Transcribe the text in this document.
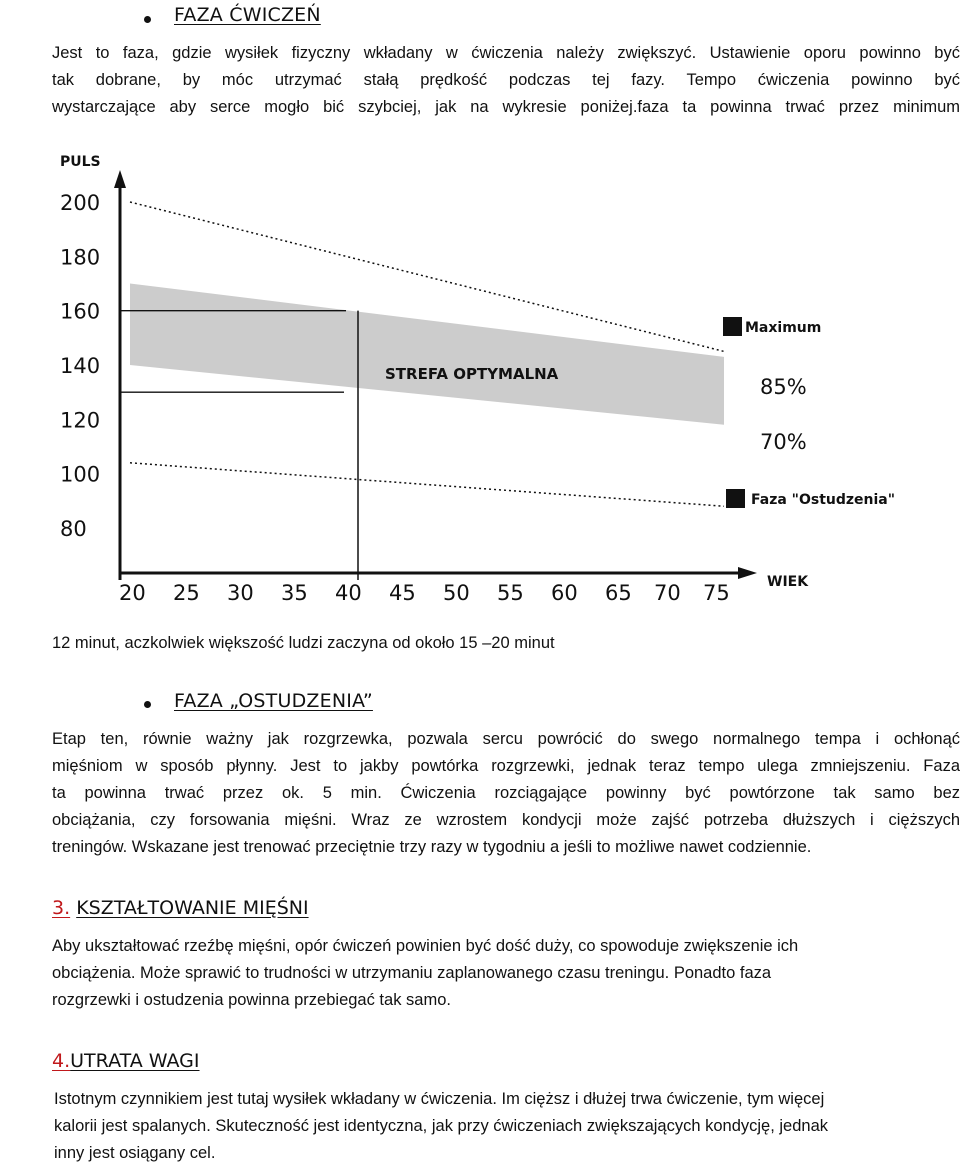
FAZA ĆWICZEŃ
Jest to faza, gdzie wysiłek fizyczny wkładany w ćwiczenia należy zwiększyć. Ustawienie oporu powinno być
tak dobrane, by móc utrzymać stałą prędkość podczas tej fazy. Tempo ćwiczenia powinno być
wystarczające aby serce mogło bić szybciej, jak na wykresie poniżej.faza ta powinna trwać przez minimum
PULS
WIEK
200
180
160
140
120
100
80
20 25 30 35 40 45 50 55 60 65 70 75
STREFA OPTYMALNA
Maximum
85%
70%
Faza "Ostudzenia"
12 minut, aczkolwiek większość ludzi zaczyna od około 15 –20 minut
FAZA „OSTUDZENIA”
Etap ten, równie ważny jak rozgrzewka, pozwala sercu powrócić do swego normalnego tempa i ochłonąć
mięśniom w sposób płynny. Jest to jakby powtórka rozgrzewki, jednak teraz tempo ulega zmniejszeniu. Faza
ta powinna trwać przez ok. 5 min. Ćwiczenia rozciągające powinny być powtórzone tak samo bez
obciążania, czy forsowania mięśni. Wraz ze wzrostem kondycji może zajść potrzeba dłuższych i cięższych
treningów. Wskazane jest trenować przeciętnie trzy razy w tygodniu a jeśli to możliwe nawet codziennie.
3. KSZTAŁTOWANIE MIĘŚNI
Aby ukształtować rzeźbę mięśni, opór ćwiczeń powinien być dość duży, co spowoduje zwiększenie ich
obciążenia. Może sprawić to trudności w utrzymaniu zaplanowanego czasu treningu. Ponadto faza
rozgrzewki i ostudzenia powinna przebiegać tak samo.
4.UTRATA WAGI
Istotnym czynnikiem jest tutaj wysiłek wkładany w ćwiczenia. Im cięższ i dłużej trwa ćwiczenie, tym więcej
kalorii jest spalanych. Skuteczność jest identyczna, jak przy ćwiczeniach zwiększających kondycję, jednak
inny jest osiągany cel.
